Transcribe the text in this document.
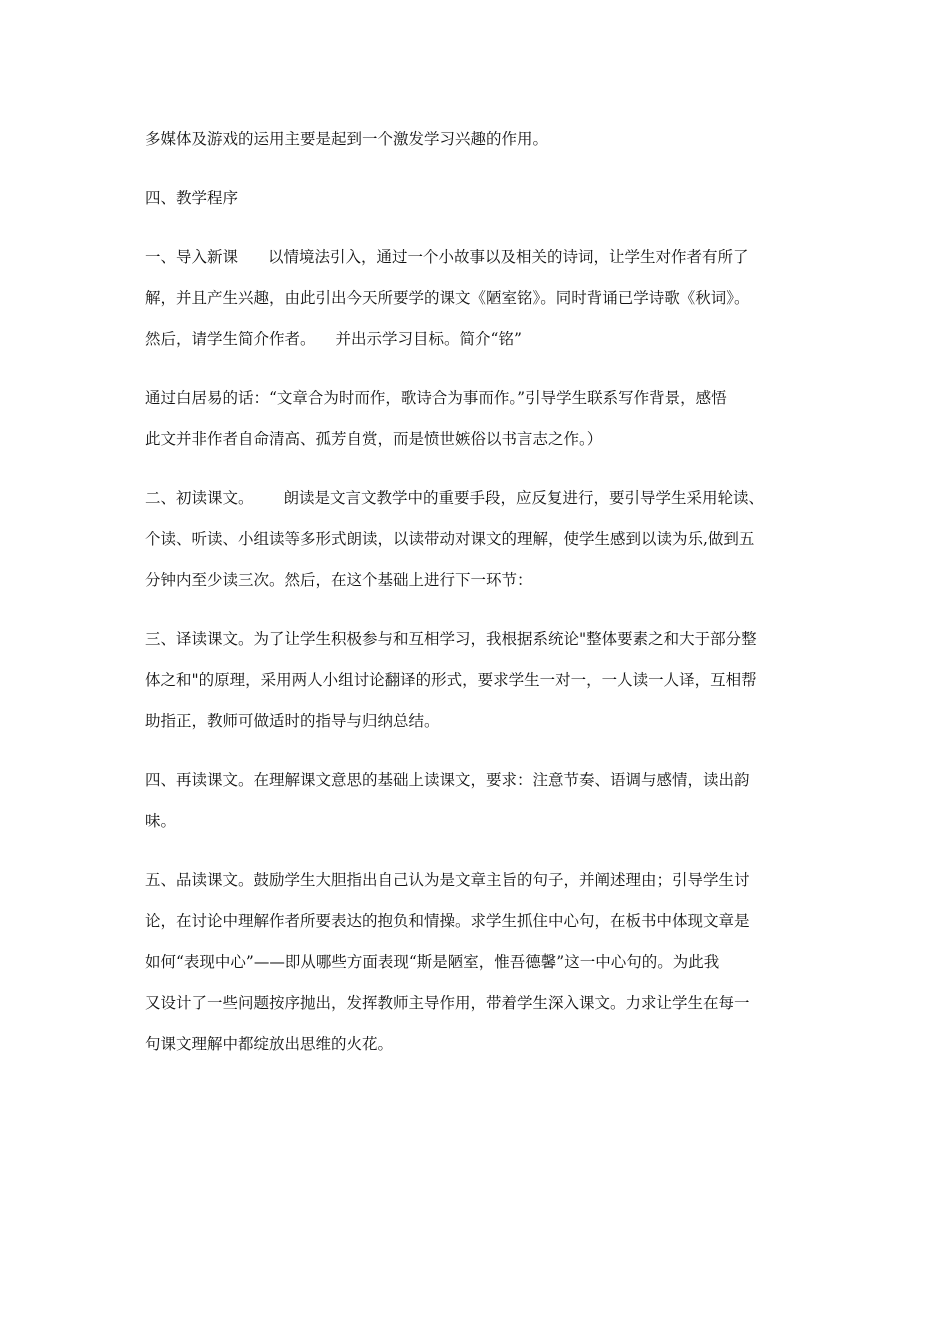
多媒体及游戏的运用主要是起到一个激发学习兴趣的作用。

四、教学程序

一、导入新课 以情境法引入，通过一个小故事以及相关的诗词，让学生对作者有所了
解，并且产生兴趣，由此引出今天所要学的课文《陋室铭》。同时背诵已学诗歌《秋词》。
然后，请学生简介作者。 并出示学习目标。简介“铭”

通过白居易的话：“文章合为时而作，歌诗合为事而作。”引导学生联系写作背景，感悟
此文并非作者自命清高、孤芳自赏，而是愤世嫉俗以书言志之作。）

二、初读课文。 朗读是文言文教学中的重要手段，应反复进行，要引导学生采用轮读、
个读、听读、小组读等多形式朗读，以读带动对课文的理解，使学生感到以读为乐,做到五
分钟内至少读三次。然后，在这个基础上进行下一环节：

三、译读课文。为了让学生积极参与和互相学习，我根据系统论"整体要素之和大于部分整
体之和"的原理，采用两人小组讨论翻译的形式，要求学生一对一，一人读一人译，互相帮
助指正，教师可做适时的指导与归纳总结。

四、再读课文。在理解课文意思的基础上读课文，要求：注意节奏、语调与感情，读出韵
味。

五、品读课文。鼓励学生大胆指出自己认为是文章主旨的句子，并阐述理由；引导学生讨
论，在讨论中理解作者所要表达的抱负和情操。求学生抓住中心句，在板书中体现文章是
如何“表现中心”——即从哪些方面表现“斯是陋室，惟吾德馨”这一中心句的。为此我
又设计了一些问题按序抛出，发挥教师主导作用，带着学生深入课文。力求让学生在每一
句课文理解中都绽放出思维的火花。
